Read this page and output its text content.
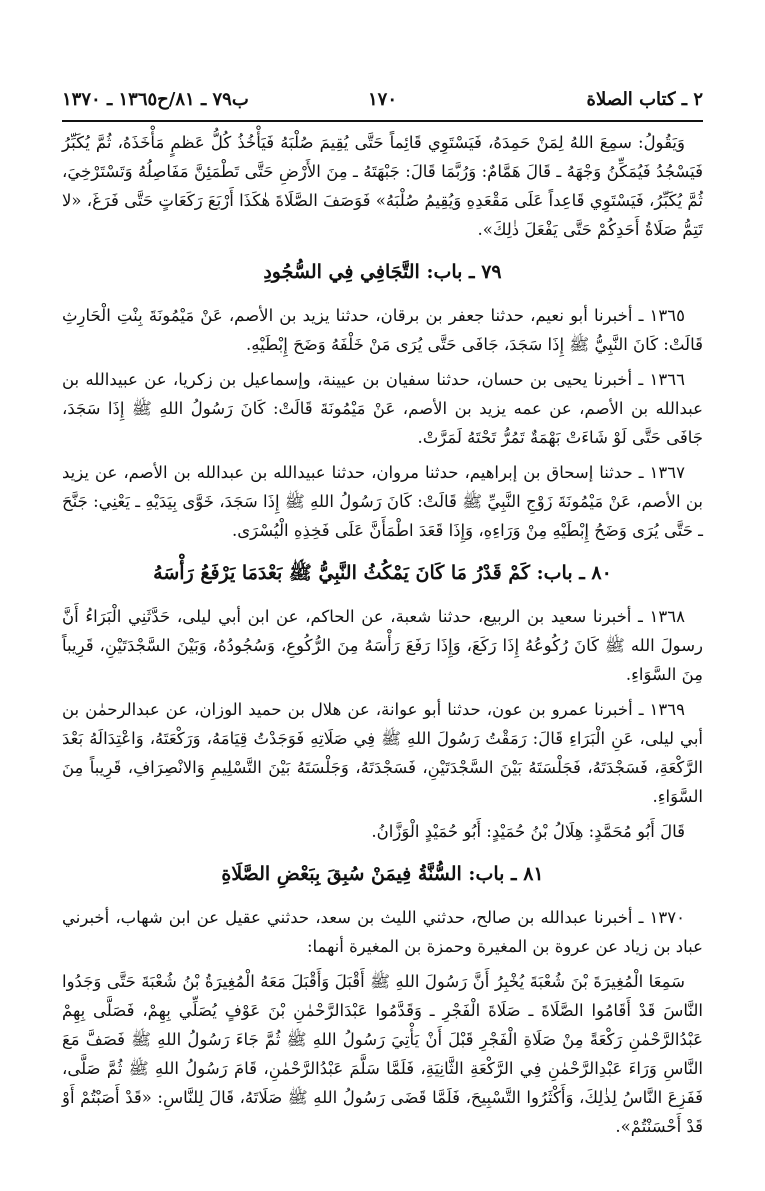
٢ ـ كتاب الصلاة
١٧٠
ب٧٩ ـ ٨١/ح١٣٦٥ ـ ١٣٧٠

وَيَقُولُ: سمِعَ اللهُ لِمَنْ حَمِدَهُ، فَيَسْتَوِي قَائِماً حَتَّى يُقِيمَ صُلْبَهُ فَيَأْخُذُ كُلُّ عَظمٍ مَأْخَذَهُ، ثُمَّ يُكَبِّرُ فَيَسْجُدُ فَيُمَكِّنُ وَجْهَهُ ـ قَالَ هَمَّامٌ: وَرُبَّمَا قَالَ: جَبْهَتَهُ ـ مِنَ الأَرْضِ حَتَّى تَطْمَئِنَّ مَفَاصِلُهُ وَتَسْتَرْخِيَ، ثُمَّ يُكَبِّرُ، فَيَسْتَوِي قَاعِداً عَلَى مَقْعَدِهِ وَيُقِيمُ صُلْبَهُ» فَوَصَفَ الصَّلَاةَ هٰكَذَا أَرْبَعَ رَكَعَاتٍ حَتَّى فَرَغَ، «لا تَتِمُّ صَلَاةُ أَحَدِكُمْ حَتَّى يَفْعَلَ ذٰلِكَ».

٧٩ ـ باب: التَّجَافِي فِي السُّجُودِ

١٣٦٥ ـ أخبرنا أبو نعيم، حدثنا جعفر بن برقان، حدثنا يزيد بن الأصم، عَنْ مَيْمُونَةَ بِنْتِ الْحَارِثِ قَالَتْ: كَانَ النَّبِيُّ ﷺ إِذَا سَجَدَ، جَافَى حَتَّى يُرَى مَنْ خَلْفَهُ وَضَحَ إِبْطَيْهِ.

١٣٦٦ ـ أخبرنا يحيى بن حسان، حدثنا سفيان بن عيينة، وإسماعيل بن زكريا، عن عبيدالله بن عبدالله بن الأصم، عن عمه يزيد بن الأصم، عَنْ مَيْمُونَةَ قَالَتْ: كَانَ رَسُولُ اللهِ ﷺ إِذَا سَجَدَ، جَافَى حَتَّى لَوْ شَاءَتْ بَهْمَةٌ تَمُرُّ تَحْتَهُ لَمَرَّتْ.

١٣٦٧ ـ حدثنا إسحاق بن إبراهيم، حدثنا مروان، حدثنا عبيدالله بن عبدالله بن الأصم، عن يزيد بن الأصم، عَنْ مَيْمُونَةَ زَوْجِ النَّبِيِّ ﷺ قَالَتْ: كَانَ رَسُولُ اللهِ ﷺ إِذَا سَجَدَ، خَوَّى بِيَدَيْهِ ـ يَعْنِي: جَنَّحَ ـ حَتَّى يُرَى وَضَحُ إِبْطَيْهِ مِنْ وَرَاءِهِ، وَإِذَا قَعَدَ اطْمَأَنَّ عَلَى فَخِذِهِ الْيُسْرَى.

٨٠ ـ باب: كَمْ قَدْرُ مَا كَانَ يَمْكُثُ النَّبِيُّ ﷺ بَعْدَمَا يَرْفَعُ رَأْسَهُ

١٣٦٨ ـ أخبرنا سعيد بن الربيع، حدثنا شعبة، عن الحاكم، عن ابن أبي ليلى، حَدَّثَنِي الْبَرَاءُ أَنَّ رسولَ الله ﷺ كَانَ رُكُوعُهُ إِذَا رَكَعَ، وَإِذَا رَفَعَ رَأْسَهُ مِنَ الرُّكُوعِ، وَسُجُودُهُ، وَبَيْنَ السَّجْدَتَيْنِ، قَرِيباً مِنَ السَّوَاءِ.

١٣٦٩ ـ أخبرنا عمرو بن عون، حدثنا أبو عوانة، عن هلال بن حميد الوزان، عن عبدالرحمٰن بن أبي ليلى، عَنِ الْبَرَاءِ قَالَ: رَمَقْتُ رَسُولَ اللهِ ﷺ فِي صَلَاتِهِ فَوَجَدْتُ قِيَامَهُ، وَرَكْعَتَهُ، وَاعْتِدَالَهُ بَعْدَ الرَّكْعَةِ، فَسَجْدَتَهُ، فَجَلْسَتَهُ بَيْنَ السَّجْدَتَيْنِ، فَسَجْدَتَهُ، وَجَلْسَتَهُ بَيْنَ التَّسْلِيمِ وَالانْصِرَافِ، قَرِيباً مِنَ السَّوَاءِ.

قَالَ أَبُو مُحَمَّدٍ: هِلَالُ بْنُ حُمَيْدٍ: أَبُو حُمَيْدٍ الْوَزَّانُ.

٨١ ـ باب: السُّنَّةُ فِيمَنْ سُبِقَ بِبَعْضِ الصَّلَاةِ

١٣٧٠ ـ أخبرنا عبدالله بن صالح، حدثني الليث بن سعد، حدثني عقيل عن ابن شهاب، أخبرني عباد بن زياد عن عروة بن المغيرة وحمزة بن المغيرة أنهما:

سَمِعَا الْمُغِيرَةَ بْنَ شُعْبَةَ يُخْبِرُ أَنَّ رَسُولَ اللهِ ﷺ أَقْبَلَ وَأَقْبَلَ مَعَهُ الْمُغِيرَةُ بْنُ شُعْبَةَ حَتَّى وَجَدُوا النَّاسَ قَدْ أَقَامُوا الصَّلَاةَ ـ صَلَاةَ الْفَجْرِ ـ وَقَدَّمُوا عَبْدَالرَّحْمٰنِ بْنَ عَوْفٍ يُصَلِّي بِهِمْ، فَصَلَّى بِهِمْ عَبْدُالرَّحْمٰنِ رَكْعَةً مِنْ صَلَاةِ الْفَجْرِ قَبْلَ أَنْ يَأْتِيَ رَسُولُ اللهِ ﷺ ثُمَّ جَاءَ رَسُولُ اللهِ ﷺ فَصَفَّ مَعَ النَّاسِ وَرَاءَ عَبْدِالرَّحْمٰنِ فِي الرَّكْعَةِ الثَّانِيَةِ، فَلَمَّا سَلَّمَ عَبْدُالرَّحْمٰنِ، قَامَ رَسُولُ اللهِ ﷺ ثُمَّ صَلَّى، فَفَزِعَ النَّاسُ لِذٰلِكَ، وَأَكْثَرُوا التَّسْبِيحَ، فَلَمَّا قَضَى رَسُولُ اللهِ ﷺ صَلَاتَهُ، قَالَ لِلنَّاسِ: «قَدْ أَصَبْتُمْ أَوْ قَدْ أَحْسَنْتُمْ».
